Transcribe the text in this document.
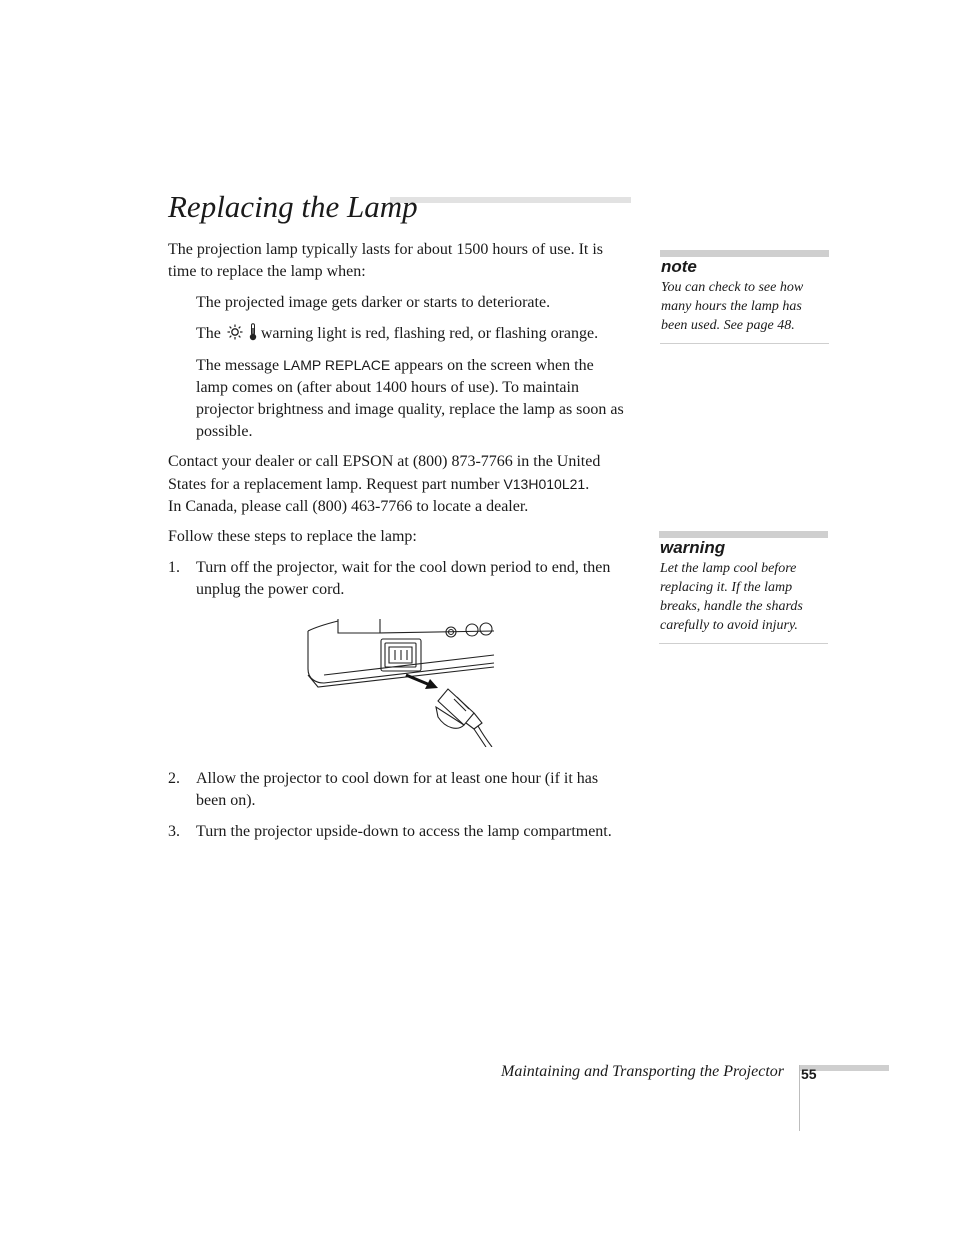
Replacing the Lamp

The projection lamp typically lasts for about 1500 hours of use. It is time to replace the lamp when:

The projected image gets darker or starts to deteriorate.

The	warning light is red, flashing red, or flashing orange.

The message LAMP REPLACE appears on the screen when the lamp comes on (after about 1400 hours of use). To maintain projector brightness and image quality, replace the lamp as soon as possible.

Contact your dealer or call EPSON at (800) 873-7766 in the United States for a replacement lamp. Request part number V13H010L21.
In Canada, please call (800) 463-7766 to locate a dealer.

Follow these steps to replace the lamp:

1. Turn off the projector, wait for the cool down period to end, then unplug the power cord.
2. Allow the projector to cool down for at least one hour (if it has been on).
3. Turn the projector upside-down to access the lamp compartment.
note
You can check to see how many hours the lamp has been used. See page 48.
warning
Let the lamp cool before replacing it. If the lamp breaks, handle the shards carefully to avoid injury.
Maintaining and Transporting the Projector 55
